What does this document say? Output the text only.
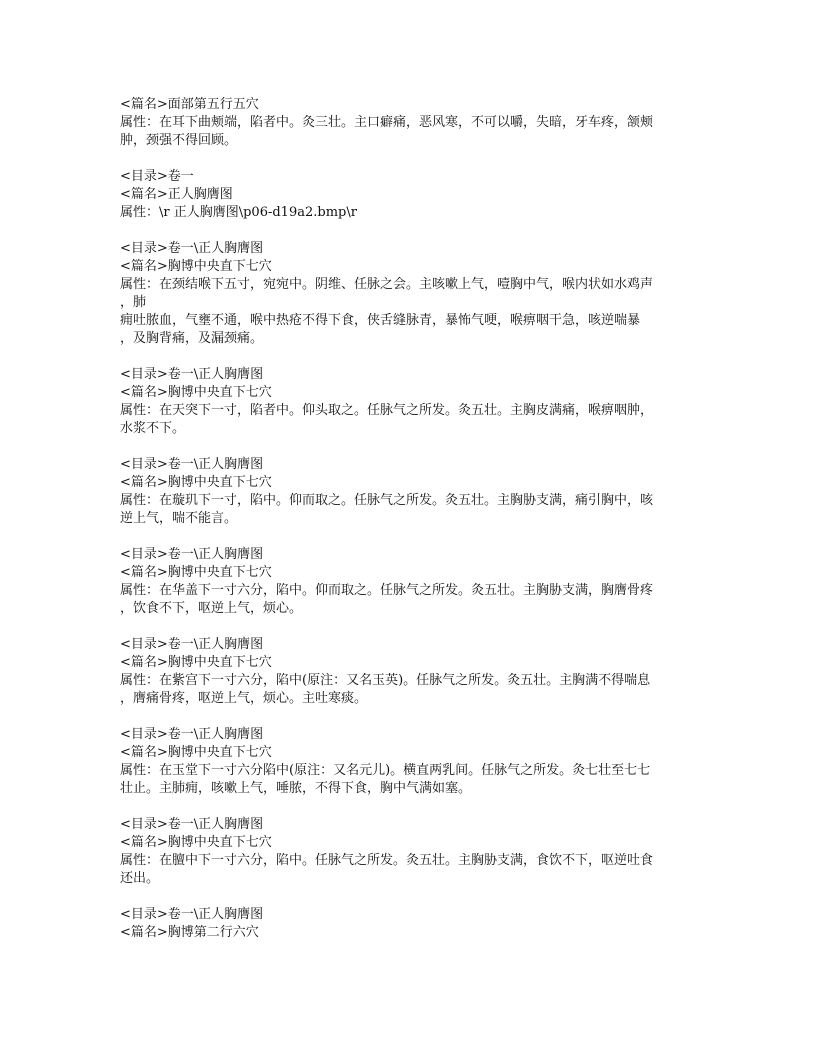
<篇名>面部第五行五穴
属性：在耳下曲颊端，陷者中。灸三壮。主口癖痛，恶风寒，不可以嚼，失暗，牙车疼，颔颊
肿，颈强不得回顾。
<目录>卷一
<篇名>正人胸膺图
属性：\r 正人胸膺图\p06-d19a2.bmp\r
<目录>卷一\正人胸膺图
<篇名>胸博中央直下七穴
属性：在颈结喉下五寸，宛宛中。阴维、任脉之会。主咳嗽上气，噎胸中气，喉内状如水鸡声
，肺
痈吐脓血，气壅不通，喉中热疮不得下食，侠舌缝脉青，暴怖气哽，喉痹咽干急，咳逆喘暴
，及胸背痛，及漏颈痛。
<目录>卷一\正人胸膺图
<篇名>胸博中央直下七穴
属性：在天突下一寸，陷者中。仰头取之。任脉气之所发。灸五壮。主胸皮满痛，喉痹咽肿，
水浆不下。
<目录>卷一\正人胸膺图
<篇名>胸博中央直下七穴
属性：在璇玑下一寸，陷中。仰而取之。任脉气之所发。灸五壮。主胸胁支满，痛引胸中，咳
逆上气，喘不能言。
<目录>卷一\正人胸膺图
<篇名>胸博中央直下七穴
属性：在华盖下一寸六分，陷中。仰而取之。任脉气之所发。灸五壮。主胸胁支满，胸膺骨疼
，饮食不下，呕逆上气，烦心。
<目录>卷一\正人胸膺图
<篇名>胸博中央直下七穴
属性：在紫宫下一寸六分，陷中(原注：又名玉英)。任脉气之所发。灸五壮。主胸满不得喘息
，膺痛骨疼，呕逆上气，烦心。主吐寒痰。
<目录>卷一\正人胸膺图
<篇名>胸博中央直下七穴
属性：在玉堂下一寸六分陷中(原注：又名元儿)。横直两乳间。任脉气之所发。灸七壮至七七
壮止。主肺痈，咳嗽上气，唾脓，不得下食，胸中气满如塞。
<目录>卷一\正人胸膺图
<篇名>胸博中央直下七穴
属性：在膻中下一寸六分，陷中。任脉气之所发。灸五壮。主胸胁支满，食饮不下，呕逆吐食
还出。
<目录>卷一\正人胸膺图
<篇名>胸博第二行六穴
